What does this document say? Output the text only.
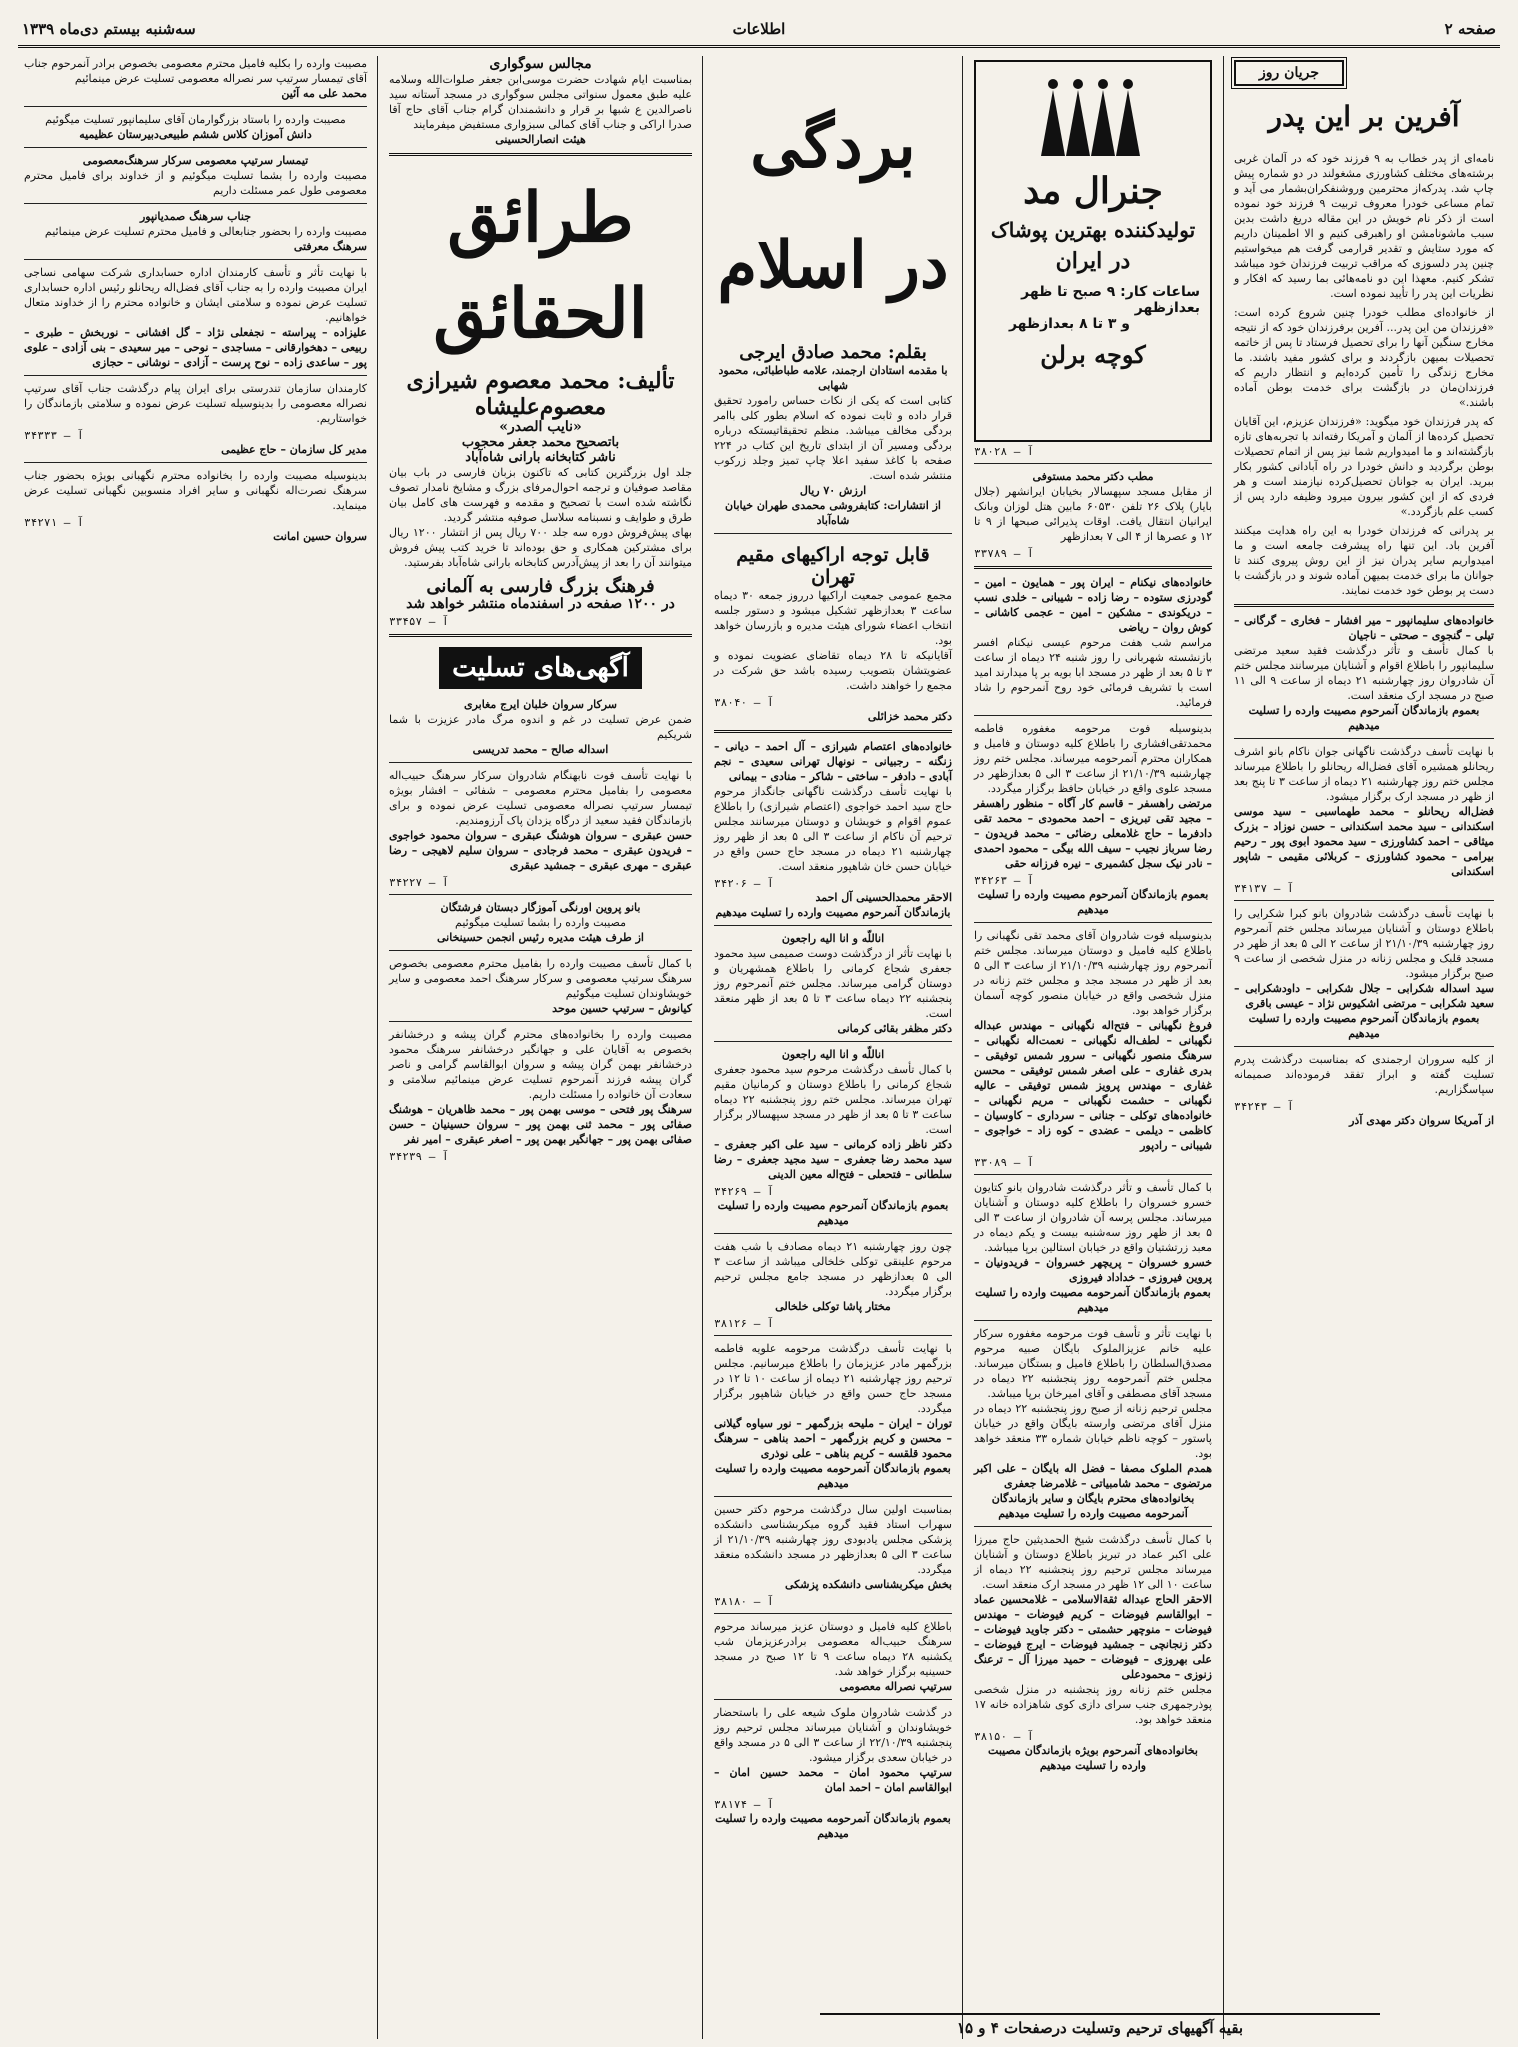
صفحه ۲
اطلاعات
سه‌شنبه بیستم دی‌ماه ۱۳۳۹
جریان روز
آفرین بر این پدر

نامه‌ای از پدر خطاب به ۹ فرزند خود که در آلمان غربی برشته‌های مختلف کشاورزی مشغولند در دو شماره پیش چاپ شد. پدرکه‌از محترمین وروشنفکران‌بشمار می آید و تمام مساعی خودرا معروف تربیت ۹ فرزند خود نموده است از ذکر نام خویش در این مقاله دریغ داشت بدین سبب ماشونامشن او راهبرقی کنیم و الا اطمینان داریم که مورد ستایش و تقدیر قرارمی گرفت هم میخواستیم چنین پدر دلسوزی که مراقب تربیت فرزندان خود میباشد تشکر کنیم. معهذا این دو نامه‌هائی بما رسید که افکار و نظریات این پدر را تأیید نموده است.

از خانواده‌ای مطلب خودرا چنین شروع کرده است: «فرزندان من این پدر... آفرین برفرزندان خود که از نتیجه مخارج سنگین آنها را برای تحصیل فرستاد تا پس از خاتمه تحصیلات بمیهن بازگردند و برای کشور مفید باشند. ما مخارج زندگی را تأمین کرده‌ایم و انتظار داریم که فرزندان‌مان در بازگشت برای خدمت بوطن آماده باشند.»

که پدر فرزندان خود میگوید: «فرزندان عزیزم، این آقایان تحصیل کرده‌ها از آلمان و آمریکا رفته‌اند با تجربه‌های تازه بازگشته‌اند و ما امیدواریم شما نیز پس از اتمام تحصیلات بوطن برگردید و دانش خودرا در راه آبادانی کشور بکار ببرید. ایران به جوانان تحصیل‌کرده نیازمند است و هر فردی که از این کشور بیرون میرود وظیفه دارد پس از کسب علم بازگردد.»

بر پدرانی که فرزندان خودرا به این راه هدایت میکنند آفرین باد. این تنها راه پیشرفت جامعه است و ما امیدواریم سایر پدران نیز از این روش پیروی کنند تا جوانان ما برای خدمت بمیهن آماده شوند و در بازگشت با دست پر بوطن خود خدمت نمایند.

خانواده‌های سلیمانپور – میر افشار – فخاری – گرگانی – تیلی – گنجوی – صحتی – ناجیان

با کمال تأسف و تأثر درگذشت فقید سعید مرتضی سلیمانپور را باطلاع اقوام و آشنایان میرسانند مجلس ختم آن شادروان روز چهارشنبه ۲۱ دیماه از ساعت ۹ الی ۱۱ صبح در مسجد ارک منعقد است.

بعموم بازماندگان آنمرحوم مصیبت وارده را تسلیت میدهیم

با نهایت تأسف درگذشت ناگهانی جوان ناکام بانو اشرف ریحانلو همشیره آقای فضل‌اله ریحانلو را باطلاع میرساند مجلس ختم روز چهارشنبه ۲۱ دیماه از ساعت ۳ تا پنج بعد از ظهر در مسجد ارک برگزار میشود.

فضل‌اله ریحانلو – محمد طهماسبی – سید موسی اسکندانی – سید محمد اسکندانی – حسن نوزاد – بزرک میثاقی – احمد کشاورزی – سید محمود ابوی پور – رحیم بیرامی – محمود کشاورزی – کربلائی مقیمی – شاپور اسکندانی

آ – ۳۴۱۳۷

با نهایت تأسف درگذشت شادروان بانو کبرا شکرایی را باطلاع دوستان و آشنایان میرساند مجلس ختم آنمرحوم روز چهارشنبه ۲۱/۱۰/۳۹ از ساعت ۲ الی ۵ بعد از ظهر در مسجد قلبک و مجلس زنانه در منزل شخصی از ساعت ۹ صبح برگزار میشود.

سید اسداله شکرابی – جلال شکرابی – داودشکرابی – سعید شکرابی – مرتضی اشکیوس نژاد – عیسی باقری

بعموم بازماندگان آنمرحوم مصیبت وارده را تسلیت میدهیم

از کلیه سروران ارجمندی که بمناسبت درگذشت پدرم تسلیت گفته و ابراز تفقد فرموده‌اند صمیمانه سپاسگزاریم.

آ – ۳۴۲۴۳

از آمریکا سروان دکتر مهدی آذر

جنرال مد
تولیدکننده بهترین پوشاک
در ایران
ساعات کار: ۹ صبح تا ظهر بعدازظهر
و ۳ تا ۸ بعدازظهر
کوچه برلن
آ – ۳۸۰۲۸

مطب دکتر محمد مستوفی

از مقابل مسجد سپهسالار بخیابان ایرانشهر (جلال بایار) پلاک ۲۶ تلفن ۶۰۵۳۰ مابین هتل لوزان وبانک ایرانیان انتقال یافت. اوقات پذیرائی صبحها از ۹ تا ۱۲ و عصرها از ۴ الی ۷ بعدازظهر

آ – ۳۳۷۸۹

خانواده‌های نیکنام – ایران پور – همایون – امین – گودرزی ستوده – رضا زاده – شیبانی – خلدی نسب – دریکوندی – مشکین – امین‌ – عجمی کاشانی – کوش روان – ریاضی

مراسم شب هفت مرحوم عیسی نیکنام افسر بازنشسته شهربانی را روز شنبه ۲۴ دیماه از ساعت ۳ تا ۵ بعد از ظهر در مسجد ابا بویه بر پا میدارند امید است با تشریف فرمائی خود روح آنمرحوم را شاد فرمائید.

بدینوسیله فوت مرحومه مغفوره فاطمه محمدتقی‌افشاری را باطلاع کلیه دوستان و فامیل و همکاران محترم آنمرحومه میرساند. مجلس ختم روز چهارشنبه ۲۱/۱۰/۳۹ از ساعت ۳ الی ۵ بعدازظهر در مسجد علوی واقع در خیابان حافظ برگزار میگردد.

مرتضی راهسفر – قاسم کار آگاه – منظور راهسفر – مجید تقی تبریزی – احمد محمودی – محمد تقی دادفرما – حاج غلامعلی رضائی – محمد فریدون – رضا سرباز نجیب – سیف الله بیگی – محمود احمدی – نادر نیک سجل کشمیری – نیره فرزانه حقی

آ – ۳۴۲۶۳

بعموم بازماندگان آنمرحوم مصیبت وارده را تسلیت میدهیم

بدینوسیله فوت شادروان آقای محمد تقی نگهبانی را باطلاع کلیه فامیل و دوستان میرساند. مجلس ختم آنمرحوم روز چهارشنبه ۲۱/۱۰/۳۹ از ساعت ۳ الی ۵ بعد از ظهر در مسجد مجد و مجلس ختم زنانه در منزل شخصی واقع در خیابان منصور کوچه آسمان برگزار خواهد بود.

فروغ نگهبانی – فتح‌اله نگهبانی – مهندس عبداله نگهبانی – لطف‌اله نگهبانی – نعمت‌اله نگهبانی – سرهنگ منصور نگهبانی – سرور شمس توفیقی – بدری غفاری – علی اصغر شمس توفیقی – محسن غفاری – مهندس پرویز شمس توفیقی – عالیه نگهبانی – حشمت نگهبانی – مریم نگهبانی – خانواده‌های توکلی – جنانی – سرداری – کاوسیان – کاظمی – دیلمی – عضدی – کوه زاد – خواجوی – شیبانی – رادپور

آ – ۳۳۰۸۹

با کمال تأسف و تأثر درگذشت شادروان بانو کتایون خسرو خسروان را باطلاع کلیه دوستان و آشنایان میرساند. مجلس پرسه آن شادروان از ساعت ۳ الی ۵ بعد از ظهر روز سه‌شنبه بیست و یکم دیماه در معبد زرتشتیان واقع در خیابان استالین برپا میباشد.

خسرو خسروان – پریچهر خسروان – فریدونیان – پروین فیروزی – خداداد فیروزی

بعموم بازماندگان آنمرحومه مصیبت وارده را تسلیت میدهیم

با نهایت تأثر و تأسف فوت مرحومه مغفوره سرکار علیه خانم عزیزالملوک بایگان صبیه مرحوم مصدق‌السلطان را باطلاع فامیل و بستگان میرساند. مجلس ختم آنمرحومه روز پنجشنبه ۲۲ دیماه در مسجد آقای مصطفی و آقای امیرخان برپا میباشد.

مجلس ترحیم زنانه از صبح روز پنجشنبه ۲۲ دیماه در منزل آقای مرتضی وارسته بایگان واقع در خیابان پاستور – کوچه ناظم خیابان شماره ۳۳ منعقد خواهد بود.

همدم الملوک مصفا – فضل اله بایگان – علی اکبر مرتضوی – محمد شامبیاتی – غلامرضا جعفری

بخانواده‌های محترم بایگان و سایر بازماندگان آنمرحومه مصیبت وارده را تسلیت میدهیم

با کمال تأسف درگذشت شیخ الحمدیثین حاج میرزا علی اکبر عماد در تبریز باطلاع دوستان و آشنایان میرساند مجلس ترحیم روز پنجشنبه ۲۲ دیماه از ساعت ۱۰ الی ۱۲ ظهر در مسجد ارک منعقد است.

الاحقر الحاج عبداله ثقة‌الاسلامی – غلامحسین عماد – ابوالقاسم فیوضات – کریم فیوضات – مهندس فیوضات – منوچهر حشمتی – دکتر جاوید فیوضات – دکتر زنجانچی – جمشید فیوضات – ایرج فیوضات – علی بهروزی – فیوضات – حمید میرزا آل – ترعنگ زنوزی – محمودعلی

مجلس ختم زنانه روز پنجشنبه در منزل شخصی پوذرجمهری جنب سرای دازی کوی شاهزاده خانه ۱۷ منعقد خواهد بود.

آ – ۳۸۱۵۰

بخانواده‌های آنمرحوم بویژه بازماندگان مصیبت وارده را تسلیت میدهیم

بردگی در اسلام
بقلم: محمد صادق ایرجی

با مقدمه استادان ارجمند، علامه طباطبائی، محمود شهابی

کتابی است که یکی از نکات حساس رامورد تحقیق قرار داده و ثابت نموده که اسلام بطور کلی باامر بردگی مخالف میباشد. منظم تحقیقاتیستکه درباره بردگی ومسیر آن از ابتدای تاریخ این کتاب در ۲۲۴ صفحه با کاغذ سفید اعلا چاپ تمیز وجلد زرکوب منتشر شده است.

ارزش ۷۰ ریال

از انتشارات: کتابفروشی محمدی طهران خیابان شاه‌آباد

قابل توجه اراکیهای مقیم تهران

مجمع عمومی جمعیت اراکیها درروز جمعه ۳۰ دیماه ساعت ۳ بعدازظهر تشکیل میشود و دستور جلسه انتخاب اعضاء شورای هیئت مدیره و بازرسان خواهد بود.

آقایانیکه تا ۲۸ دیماه تقاضای عضویت نموده و عضویتشان بتصویب رسیده باشد حق شرکت در مجمع را خواهند داشت.

آ – ۳۸۰۴۰

دکتر محمد خزائلی

خانواده‌های اعتصام شیرازی – آل احمد – دیانی – زنگنه – رجبیانی – نونهال تهرانی سعیدی – نجم آبادی – دادفر – ساختی – شاکر – منادی – بیمانی

با نهایت تأسف درگذشت ناگهانی جانگداز مرحوم حاج سید احمد خواجوی (اعتصام شیرازی) را باطلاع عموم اقوام و خویشان و دوستان میرسانند مجلس ترحیم آن ناکام از ساعت ۳ الی ۵ بعد از ظهر روز چهارشنبه ۲۱ دیماه در مسجد حاج حسن واقع در خیابان حسن خان شاهپور منعقد است.

آ – ۳۴۲۰۶

الاحقر محمدالحسینی آل احمد

بازماندگان آنمرحوم مصیبت وارده را تسلیت میدهیم

اناللّه و انا الیه راجعون

با نهایت تأثر از درگذشت دوست صمیمی سید محمود جعفری شجاع کرمانی را باطلاع همشهریان و دوستان گرامی میرساند. مجلس ختم آنمرحوم روز پنجشنبه ۲۲ دیماه ساعت ۳ تا ۵ بعد از ظهر منعقد است.

دکتر مظفر بقائی کرمانی

اناللّه و انا الیه راجعون

با کمال تأسف درگذشت مرحوم سید محمود جعفری شجاع کرمانی را باطلاع دوستان و کرمانیان مقیم تهران میرساند. مجلس ختم روز پنجشنبه ۲۲ دیماه ساعت ۳ تا ۵ بعد از ظهر در مسجد سپهسالار برگزار است.

دکتر ناظر زاده کرمانی – سید علی اکبر جعفری – سید محمد رضا جعفری – سید مجید جعفری – رضا سلطانی – فتحعلی – فتح‌اله معین الدینی

آ – ۳۴۲۶۹

بعموم بازماندگان آنمرحوم مصیبت وارده را تسلیت میدهیم

چون روز چهارشنبه ۲۱ دیماه مصادف با شب هفت مرحوم علینقی توکلی خلخالی میباشد از ساعت ۳ الی ۵ بعدازظهر در مسجد جامع مجلس ترحیم برگزار میگردد.

مختار پاشا توکلی خلخالی

آ – ۳۸۱۲۶

با نهایت تأسف درگذشت مرحومه علویه فاطمه بزرگمهر مادر عزیزمان را باطلاع میرسانیم. مجلس ترحیم روز چهارشنبه ۲۱ دیماه از ساعت ۱۰ تا ۱۲ در مسجد حاج حسن واقع در خیابان شاهپور برگزار میگردد.

توران – ایران – ملیحه بزرگمهر – نور سیاوه گیلانی – محسن و کریم بزرگمهر – احمد بناهی – سرهنگ محمود قلقسه – کریم بناهی – علی نوذری

بعموم بازماندگان آنمرحومه مصیبت وارده را تسلیت میدهیم

بمناسبت اولین سال درگذشت مرحوم دکتر حسین سهراب استاد فقید گروه میکربشناسی دانشکده پزشکی مجلس یادبودی روز چهارشنبه ۲۱/۱۰/۳۹ از ساعت ۳ الی ۵ بعدازظهر در مسجد دانشکده منعقد میگردد.

بخش میکربشناسی دانشکده پزشکی

آ – ۳۸۱۸۰

باطلاع کلیه فامیل و دوستان عزیز میرساند مرحوم سرهنگ حبیب‌اله معصومی برادرعزیزمان شب یکشنبه ۲۸ دیماه ساعت ۹ تا ۱۲ صبح در مسجد حسینیه برگزار خواهد شد.

سرتیپ نصراله معصومی

در گذشت شادروان ملوک شیعه علی را باستحضار خویشاوندان و آشنایان میرساند مجلس ترحیم روز پنجشنبه ۲۲/۱۰/۳۹ از ساعت ۳ الی ۵ در مسجد واقع در خیابان سعدی برگزار میشود.

سرتیپ محمود امان – محمد حسین امان – ابوالقاسم امان – احمد امان

آ – ۳۸۱۷۴

بعموم بازماندگان آنمرحومه مصیبت وارده را تسلیت میدهیم

مجالس سوگواری

بمناسبت ایام شهادت حضرت موسی‌ابن جعفر صلوات‌الله وسلامه علیه طبق معمول سنواتی مجلس سوگواری در مسجد آستانه سید ناصرالدین ع شبها بر قرار و دانشمندان گرام جناب آقای حاج آقا صدرا اراکی و جناب آقای کمالی سبزواری مستفیض میفرمایند

هیئت انصارالحسینی

طرائق الحقائق
تألیف: محمد معصوم شیرازی معصوم‌علیشاه

«نایب الصدر»

باتصحیح محمد جعفر محجوب

ناشر کتابخانه بارانی شاه‌آباد

جلد اول بزرگترین کتابی که تاکنون بزبان فارسی در باب بیان مقاصد صوفیان و ترجمه احوال‌مرفای بزرگ و مشایخ نامدار تصوف نگاشته شده است با تصحیح و مقدمه و فهرست های کامل بیان طرق و طوایف و نسبنامه سلاسل صوفیه منتشر گردید.

بهای پیش‌فروش دوره سه جلد ۷۰۰ ریال پس از انتشار ۱۲۰۰ ریال برای مشترکین همکاری و حق بوده‌اند تا خرید کتب پیش فروش میتوانند آن را بعد از پیش‌آدرس کتابخانه بارانی شاه‌آباد بفرستید.

فرهنگ بزرگ فارسی به آلمانی

در ۱۲۰۰ صفحه در اسفندماه منتشر خواهد شد

آ – ۳۳۴۵۷
آگهی‌های تسلیت

سرکار سروان خلبان ایرج مغابری

ضمن عرض تسلیت در غم و اندوه مرگ مادر عزیزت با شما شریکیم

اسداله صالح – محمد تدریسی

با نهایت تأسف فوت نابهنگام شادروان سرکار سرهنگ حبیب‌اله معصومی را بفامیل محترم معصومی – شفائی – افشار بویژه تیمسار سرتیپ نصراله معصومی تسلیت عرض نموده و برای بازماندگان فقید سعید از درگاه یزدان پاک آرزومندیم.

حسن عبقری – سروان هوشنگ عبقری – سروان محمود خواجوی – فریدون عبقری – محمد فرجادی – سروان سلیم لاهیجی – رضا عبقری – مهری عبقری – جمشید عبقری

آ – ۳۴۲۲۷

بانو پروین اورنگی آموزگار دبستان فرشتگان

مصیبت وارده را بشما تسلیت میگوئیم

از طرف هیئت مدیره رئیس انجمن حسینخانی

با کمال تأسف مصیبت وارده را بفامیل محترم معصومی بخصوص سرهنگ سرتیپ معصومی و سرکار سرهنگ احمد معصومی و سایر خویشاوندان تسلیت میگوئیم

کیانوش – سرتیپ حسین موحد

مصیبت وارده را بخانواده‌های محترم گران پیشه و درخشانفر بخصوص به آقایان علی و جهانگیر درخشانفر سرهنگ محمود درخشانفر بهمن گران پیشه و سروان ابوالقاسم گرامی و ناصر گران پیشه فرزند آنمرحوم تسلیت عرض مینمائیم سلامتی و سعادت آن خانواده را مسئلت داریم.

سرهنگ پور فتحی – موسی بهمن پور – محمد ظاهریان – هوشنگ صفائی پور – محمد ثنی بهمن پور – سروان حسینیان – حسن صفائی بهمن پور – جهانگیر بهمن پور – اصغر عبقری – امیر نفر

آ – ۳۴۲۳۹

مصیبت وارده را بکلیه فامیل محترم معصومی بخصوص برادر آنمرحوم جناب آقای تیمسار سرتیپ سر نصراله معصومی تسلیت عرض مینمائیم

محمد علی مه آئین

مصیبت وارده را باستاد بزرگوارمان آقای سلیمانپور تسلیت میگوئیم

دانش آموزان کلاس ششم طبیعی‌دبیرستان عظیمیه

تیمسار سرتیپ معصومی سرکار سرهنگ‌معصومی

مصیبت وارده را بشما تسلیت میگوئیم و از خداوند برای فامیل محترم معصومی طول عمر مسئلت داریم

جناب سرهنگ صمدیانپور

مصیبت وارده را بحضور جنابعالی و فامیل محترم تسلیت عرض مینمائیم

سرهنگ معرفتی

با نهایت تأثر و تأسف کارمندان اداره حسابداری شرکت سهامی نساجی ایران مصیبت وارده را به جناب آقای فضل‌اله ریحانلو رئیس اداره حسابداری تسلیت عرض نموده و سلامتی ایشان و خانواده محترم را از خداوند متعال خواهانیم.

علیزاده – پیراسته – نجفعلی نژاد – گل افشانی – نوربخش – طبری – ربیعی – دهخوارقانی – مساجدی – نوحی – میر سعیدی – بنی آزادی – علوی پور – ساعدی زاده – نوح پرست – آزادی – نوشانی – حجازی

کارمندان سازمان تندرستی برای ایران پیام درگذشت جناب آقای سرتیپ نصراله معصومی را بدینوسیله تسلیت عرض نموده و سلامتی بازماندگان را خواستاریم.

آ – ۳۴۳۳۳

مدیر کل سازمان – حاج عظیمی

بدینوسیله مصیبت وارده را بخانواده محترم نگهبانی بویژه بحضور جناب سرهنگ نصرت‌اله نگهبانی و سایر افراد منسوبین نگهبانی تسلیت عرض مینماید.

آ – ۳۴۲۷۱

سروان حسین امانت

بقیه آگهیهای ترحیم وتسلیت درصفحات ۴ و ۱۵
